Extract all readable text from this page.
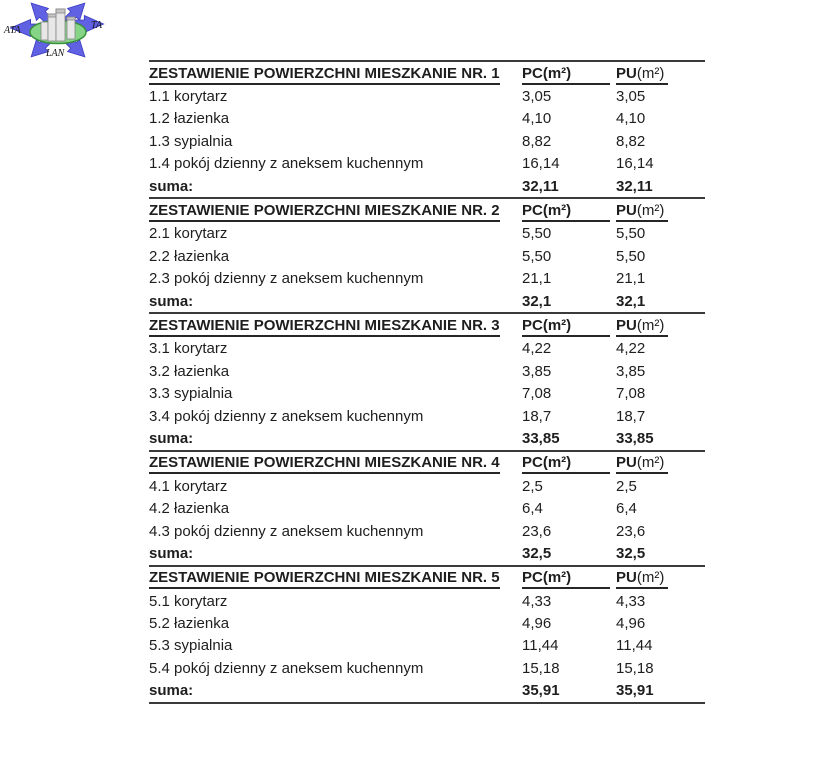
ATA	TA
LAN
ZESTAWIENIE POWIERZCHNI MIESZKANIE NR. 1	PC(m²)	PU(m²)
1.1 korytarz	3,05	3,05
1.2 łazienka	4,10	4,10
1.3 sypialnia	8,82	8,82
1.4 pokój dzienny z aneksem kuchennym	16,14	16,14
suma:	32,11	32,11
ZESTAWIENIE POWIERZCHNI MIESZKANIE NR. 2	PC(m²)	PU(m²)
2.1 korytarz	5,50	5,50
2.2 łazienka	5,50	5,50
2.3 pokój dzienny z aneksem kuchennym	21,1	21,1
suma:	32,1	32,1
ZESTAWIENIE POWIERZCHNI MIESZKANIE NR. 3	PC(m²)	PU(m²)
3.1 korytarz	4,22	4,22
3.2 łazienka	3,85	3,85
3.3 sypialnia	7,08	7,08
3.4 pokój dzienny z aneksem kuchennym	18,7	18,7
suma:	33,85	33,85
ZESTAWIENIE POWIERZCHNI MIESZKANIE NR. 4	PC(m²)	PU(m²)
4.1 korytarz	2,5	2,5
4.2 łazienka	6,4	6,4
4.3 pokój dzienny z aneksem kuchennym	23,6	23,6
suma:	32,5	32,5
ZESTAWIENIE POWIERZCHNI MIESZKANIE NR. 5	PC(m²)	PU(m²)
5.1 korytarz	4,33	4,33
5.2 łazienka	4,96	4,96
5.3 sypialnia	11,44	11,44
5.4 pokój dzienny z aneksem kuchennym	15,18	15,18
suma:	35,91	35,91
